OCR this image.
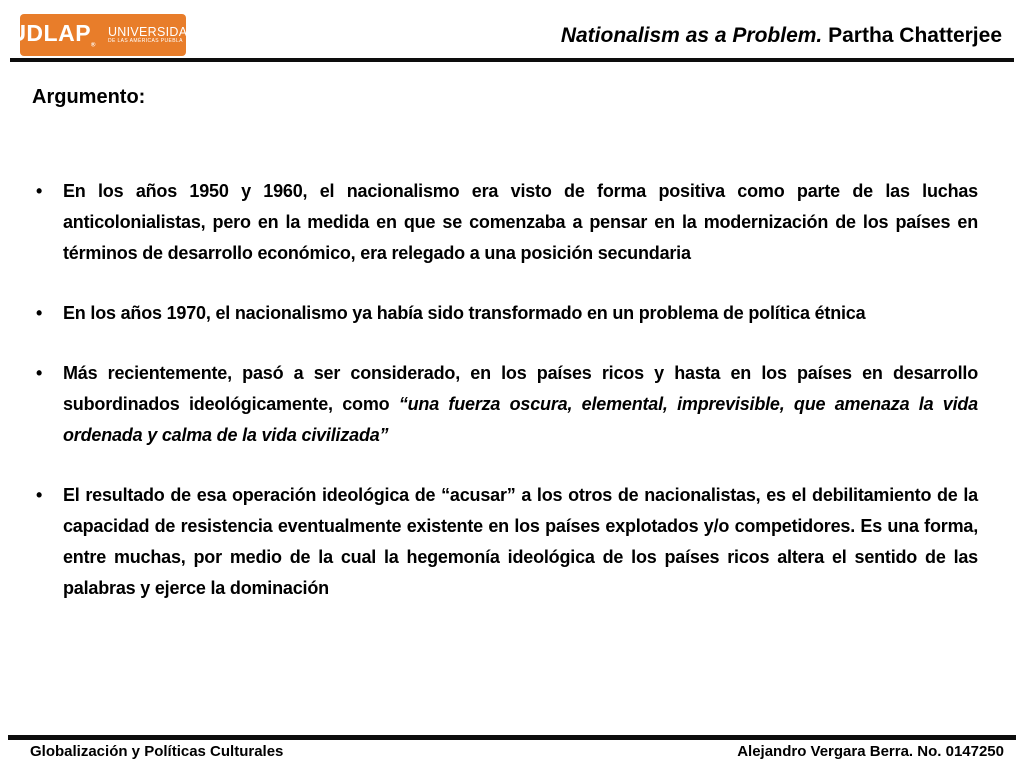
$UDLAP_®$
UNIVERSIDAD
DE LAS AMÉRICAS PUEBLA	Nationalism as a Problem. Partha Chatterjee
Argumento:
•	En los años 1950 y 1960, el nacionalismo era visto de forma positiva como parte de las luchas anticolonialistas, pero en la medida en que se comenzaba a pensar en la modernización de los países en términos de desarrollo económico, era relegado a una posición secundaria
•	En los años 1970, el nacionalismo ya había sido transformado en un problema de política étnica
•	Más recientemente, pasó a ser considerado, en los países ricos y hasta en los países en desarrollo subordinados ideológicamente, como “una fuerza oscura, elemental, imprevisible, que amenaza la vida ordenada y calma de la vida civilizada”
•	El resultado de esa operación ideológica de “acusar” a los otros de nacionalistas, es el debilitamiento de la capacidad de resistencia eventualmente existente en los países explotados y/o competidores. Es una forma, entre muchas, por medio de la cual la hegemonía ideológica de los países ricos altera el sentido de las palabras y ejerce la dominación
Globalización y Políticas Culturales	Alejandro Vergara Berra. No. 0147250
